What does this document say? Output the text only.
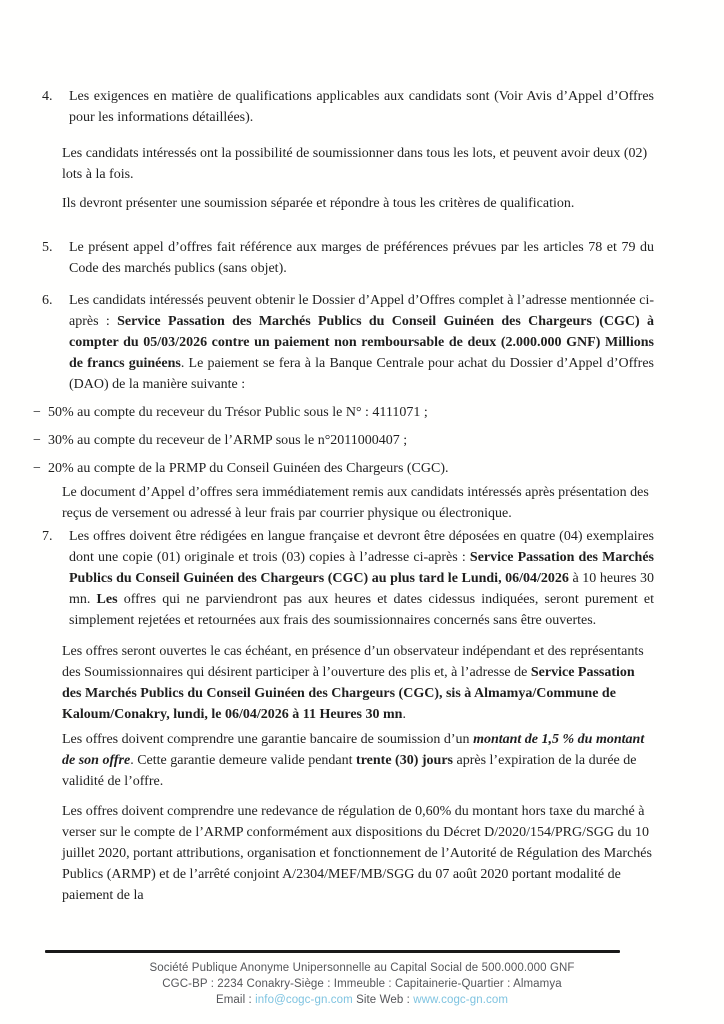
4.	Les exigences en matière de qualifications applicables aux candidats sont (Voir Avis d’Appel d’Offres pour les informations détaillées).
Les candidats intéressés ont la possibilité de soumissionner dans tous les lots, et peuvent avoir deux (02) lots à la fois.
Ils devront présenter une soumission séparée et répondre à tous les critères de qualification.
5.	Le présent appel d’offres fait référence aux marges de préférences prévues par les articles 78 et 79 du Code des marchés publics (sans objet).
6.	Les candidats intéressés peuvent obtenir le Dossier d’Appel d’Offres complet à l’adresse mentionnée ci-après : Service Passation des Marchés Publics du Conseil Guinéen des Chargeurs (CGC) à compter du 05/03/2026 contre un paiement non remboursable de deux (2.000.000 GNF) Millions de francs guinéens. Le paiement se fera à la Banque Centrale pour achat du Dossier d’Appel d’Offres (DAO) de la manière suivante :
− 50% au compte du receveur du Trésor Public sous le N° : 4111071 ;
− 30% au compte du receveur de l’ARMP sous le n°2011000407 ;
− 20% au compte de la PRMP du Conseil Guinéen des Chargeurs (CGC).
Le document d’Appel d’offres sera immédiatement remis aux candidats intéressés après présentation des reçus de versement ou adressé à leur frais par courrier physique ou électronique.
7.	Les offres doivent être rédigées en langue française et devront être déposées en quatre (04) exemplaires dont une copie (01) originale et trois (03) copies à l’adresse ci-après : Service Passation des Marchés Publics du Conseil Guinéen des Chargeurs (CGC) au plus tard le Lundi, 06/04/2026 à 10 heures 30 mn. Les offres qui ne parviendront pas aux heures et dates cidessus indiquées, seront purement et simplement rejetées et retournées aux frais des soumissionnaires concernés sans être ouvertes.
Les offres seront ouvertes le cas échéant, en présence d’un observateur indépendant et des représentants des Soumissionnaires qui désirent participer à l’ouverture des plis et, à l’adresse de Service Passation des Marchés Publics du Conseil Guinéen des Chargeurs (CGC), sis à Almamya/Commune de Kaloum/Conakry, lundi, le 06/04/2026 à 11 Heures 30 mn.
Les offres doivent comprendre une garantie bancaire de soumission d’un montant de 1,5 % du montant de son offre. Cette garantie demeure valide pendant trente (30) jours après l’expiration de la durée de validité de l’offre.
Les offres doivent comprendre une redevance de régulation de 0,60% du montant hors taxe du marché à verser sur le compte de l’ARMP conformément aux dispositions du Décret D/2020/154/PRG/SGG du 10 juillet 2020, portant attributions, organisation et fonctionnement de l’Autorité de Régulation des Marchés Publics (ARMP) et de l’arrêté conjoint A/2304/MEF/MB/SGG du 07 août 2020 portant modalité de paiement de la
Société Publique Anonyme Unipersonnelle au Capital Social de 500.000.000 GNF
CGC-BP : 2234 Conakry-Siège : Immeuble : Capitainerie-Quartier : Almamya
Email : info@cogc-gn.com Site Web : www.cogc-gn.com
